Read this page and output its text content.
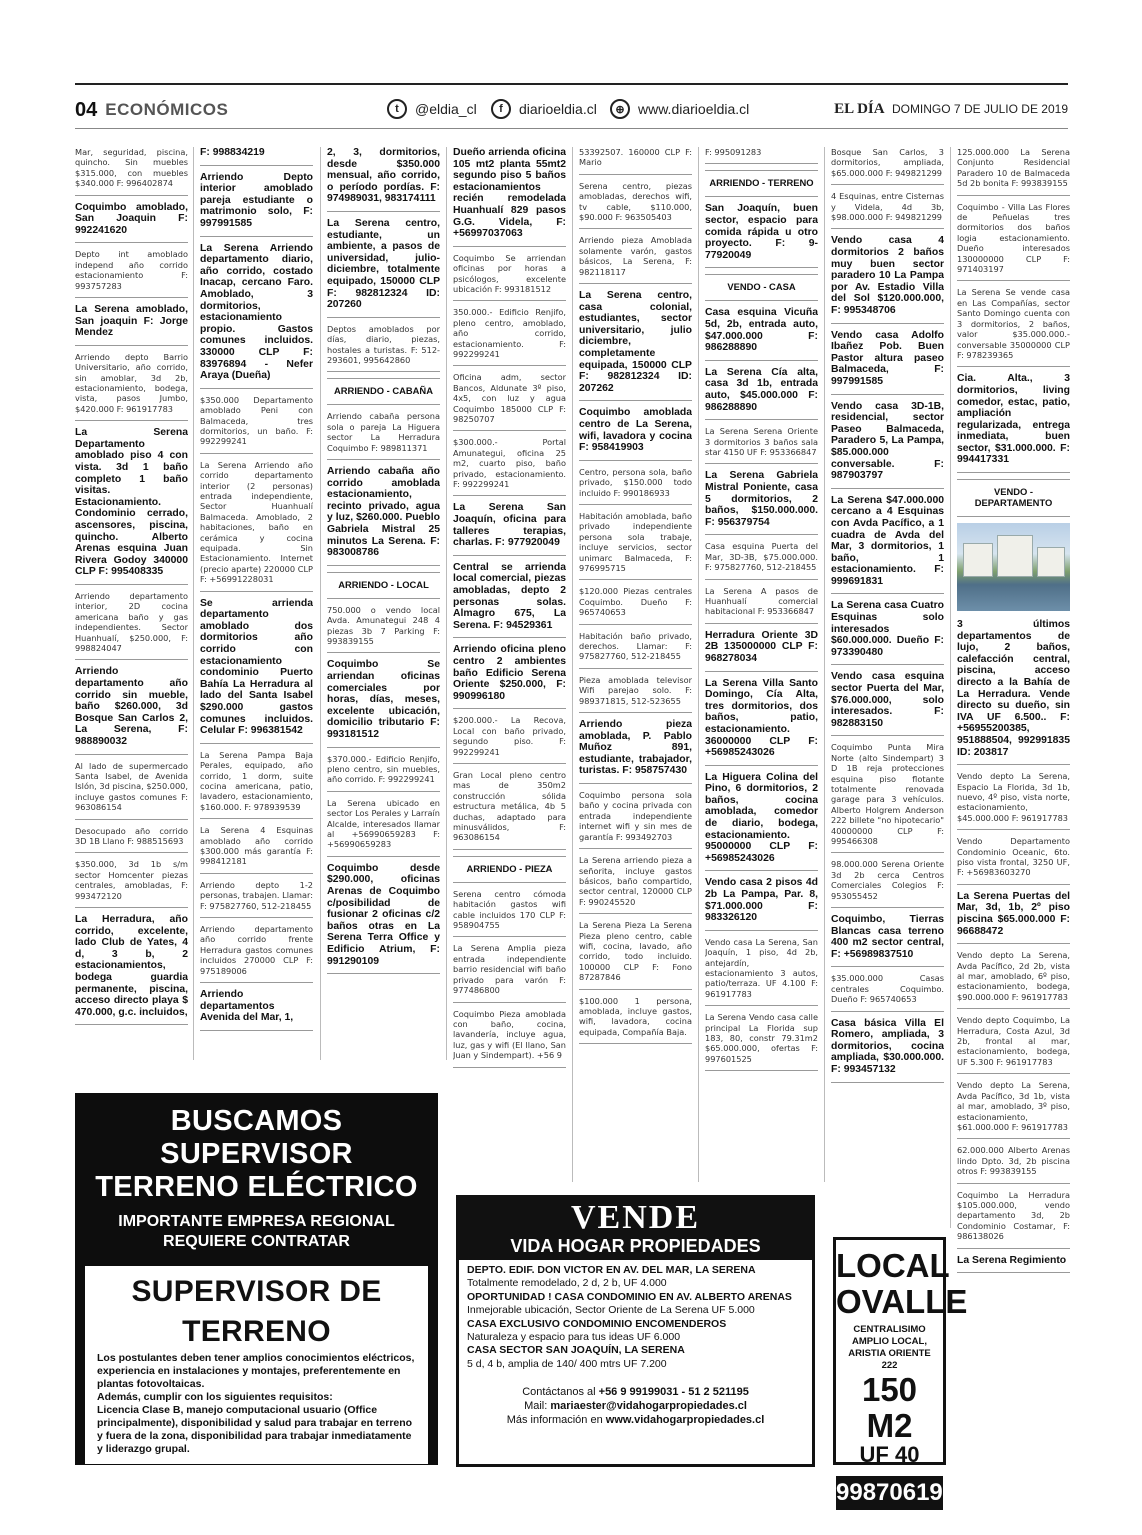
04 ECONÓMICOS	t	@eldia_cl	f	diarioeldia.cl	⊕ www.diarioeldia.cl	EL DÍA DOMINGO 7 DE JULIO DE 2019
Mar, seguridad, piscina, quincho. Sin muebles $315.000, con muebles $340.000 F: 996402874
Coquimbo amoblado, San Joaquin F: 992241620
Depto int amoblado independ año corrido estacionamiento F: 993757283
La Serena amoblado, San joaquin F: Jorge Mendez
Arriendo depto Barrio Universitario, año corrido, sin amoblar, 3d 2b, estacionamiento, bodega, vista, pasos Jumbo, $420.000 F: 961917783
La Serena Departamento amoblado piso 4 con vista. 3d 1 baño completo 1 baño visitas. Estacionamiento. Condominio cerrado, ascensores, piscina, quincho. Alberto Arenas esquina Juan Rivera Godoy 340000 CLP F: 995408335
Arriendo departamento interior, 2D cocina americana baño y gas independientes. Sector Huanhualí, $250.000, F: 998824047
Arriendo departamento año corrido sin mueble, baño $260.000, 3d Bosque San Carlos 2, La Serena, F: 988890032
Al lado de supermercado Santa Isabel, de Avenida Islón, 3d piscina, $250.000, incluye gastos comunes F: 963086154
Desocupado año corrido 3D 1B Llano F: 988515693
$350.000, 3d 1b s/m sector Homcenter piezas centrales, amobladas, F: 993472120
La Herradura, año corrido, excelente, lado Club de Yates, 4 d, 3 b, 2 estacionamientos, bodega guardia permanente, piscina, acceso directo playa $ 470.000, g.c. incluidos,
F: 998834219
Arriendo Depto interior amoblado pareja estudiante o matrimonio solo, F: 997991585
La Serena Arriendo departamento diario, año corrido, costado Inacap, cercano Faro. Amoblado, 3 dormitorios, estacionamiento propio. Gastos comunes incluidos. 330000 CLP F: 83976894 - Nefer Araya (Dueña)
$350.000 Departamento amoblado Peni con Balmaceda, tres dormitorios, un baño. F: 992299241
La Serena Arriendo año corrido departamento interior (2 personas) entrada independiente, Sector Huanhualí Balmaceda. Amoblado, 2 habitaciones, baño en cerámica y cocina equipada. Sin Estacionamiento. Internet (precio aparte) 220000 CLP F: +56991228031
Se arrienda departamento amoblado dos dormitorios año corrido con estacionamiento condominio Puerto Bahía La Herradura al lado del Santa Isabel $290.000 gastos comunes incluidos. Celular F: 996381542
La Serena Pampa Baja Perales, equipado, año corrido, 1 dorm, suite cocina americana, patio, lavadero, estacionamiento, $160.000. F: 978939539
La Serena 4 Esquinas amoblado año corrido $300.000 más garantía F: 998412181
Arriendo depto 1-2 personas, trabajen. Llamar: F: 975827760, 512-218455
Arriendo departamento año corrido frente Herradura gastos comunes incluidos 270000 CLP F: 975189006
Arriendo departamentos Avenida del Mar, 1,
2, 3, dormitorios, desde $350.000 mensual, año corrido, o período pordías. F: 974989031, 983174111
La Serena centro, estudiante, un ambiente, a pasos de universidad, julio-diciembre, totalmente equipado, 150000 CLP F: 982812324 ID: 207260
Deptos amoblados por días, diario, piezas, hostales a turistas. F: 512-293601, 995642860
ARRIENDO - CABAÑA
Arriendo cabaña persona sola o pareja La Higuera sector La Herradura Coquimbo F: 989811371
Arriendo cabaña año corrido amoblada estacionamiento, recinto privado, agua y luz, $260.000. Pueblo Gabriela Mistral 25 minutos La Serena. F: 983008786
ARRIENDO - LOCAL
750.000 o vendo local Avda. Amunategui 248 4 piezas 3b 7 Parking F: 993839155
Coquimbo Se arriendan oficinas comerciales por horas, días, meses, excelente ubicación, domicilio tributario F: 993181512
$370.000.- Edificio Renjifo, pleno centro, sin muebles, año corrido. F: 992299241
La Serena ubicado en sector Los Perales y Larraín Alcalde, interesados llamar al +56990659283 F: +56990659283
Coquimbo desde $290.000, oficinas Arenas de Coquimbo c/posibilidad de fusionar 2 oficinas c/2 baños otras en La Serena Terra Office y Edificio Atrium, F: 991290109
Dueño arrienda oficina 105 mt2 planta 55mt2 segundo piso 5 baños estacionamientos recién remodelada Huanhualí 829 pasos G.G. Videla, F: +56997037063
Coquimbo Se arriendan oficinas por horas a psicólogos, excelente ubicación F: 993181512
350.000.- Edificio Renjifo, pleno centro, amoblado, año corrido, estacionamiento. F: 992299241
Oficina adm, sector Bancos, Aldunate 3º piso, 4x5, con luz y agua Coquimbo 185000 CLP F: 98250707
$300.000.- Portal Amunategui, oficina 25 m2, cuarto piso, baño privado, estacionamiento. F: 992299241
La Serena San Joaquín, oficina para talleres terapias, charlas. F: 977920049
Central se arrienda local comercial, piezas amobladas, depto 2 personas solas. Almagro 675, La Serena. F: 94529361
Arriendo oficina pleno centro 2 ambientes baño Edificio Serena Oriente $250.000, F: 990996180
$200.000.- La Recova, Local con baño privado, segundo piso. F: 992299241
Gran Local pleno centro mas de 350m2 construcción sólida estructura metálica, 4b 5 duchas, adaptado para minusválidos, F: 963086154
ARRIENDO - PIEZA
Serena centro cómoda habitación gastos wifi cable incluidos 170 CLP F: 958904755
La Serena Amplia pieza entrada independiente barrio residencial wifi baño privado para varón F: 977486800
Coquimbo Pieza amoblada con baño, cocina, lavandería, incluye agua, luz, gas y wifi (El llano, San Juan y Sindempart). +56 9
53392507. 160000 CLP F: Mario
Serena centro, piezas amobladas, derechos wifi, tv cable, $110.000, $90.000 F: 963505403
Arriendo pieza Amoblada solamente varón, gastos básicos, La Serena, F: 982118117
La Serena centro, casa colonial, estudiantes, sector universitario, julio diciembre, completamente equipada, 150000 CLP F: 982812324 ID: 207262
Coquimbo amoblada centro de La Serena, wifi, lavadora y cocina F: 958419903
Centro, persona sola, baño privado, $150.000 todo incluido F: 990186933
Habitación amoblada, baño privado independiente persona sola trabaje, incluye servicios, sector unimarc Balmaceda, F: 976995715
$120.000 Piezas centrales Coquimbo. Dueño F: 965740653
Habitación baño privado, derechos. Llamar: F: 975827760, 512-218455
Pieza amoblada televisor Wifi parejao solo. F: 989371815, 512-523655
Arriendo pieza amoblada, P. Pablo Muñoz 891, estudiante, trabajador, turistas. F: 958757430
Coquimbo persona sola baño y cocina privada con entrada independiente internet wifi y sin mes de garantía F: 993492703
La Serena arriendo pieza a señorita, incluye gastos básicos, baño compartido, sector central, 120000 CLP F: 990245520
La Serena Pieza La Serena Pieza pleno centro, cable wifi, cocina, lavado, año corrido, todo incluido. 100000 CLP F: Fono 87287846
$100.000 1 persona, amoblada, incluye gastos, wifi, lavadora, cocina equipada, Compañía Baja.
F: 995091283
ARRIENDO - TERRENO
San Joaquín, buen sector, espacio para comida rápida u otro proyecto. F: 9-77920049
VENDO - CASA
Casa esquina Vicuña 5d, 2b, entrada auto, $47.000.000 F: 986288890
La Serena Cía alta, casa 3d 1b, entrada auto, $45.000.000 F: 986288890
La Serena Serena Oriente 3 dormitorios 3 baños sala star 4150 UF F: 953366847
La Serena Gabriela Mistral Poniente, casa 5 dormitorios, 2 baños, $150.000.000. F: 956379754
Casa esquina Puerta del Mar, 3D-3B, $75.000.000. F: 975827760, 512-218455
La Serena A pasos de Huanhualí comercial habitacional F: 953366847
Herradura Oriente 3D 2B 135000000 CLP F: 968278034
La Serena Villa Santo Domingo, Cía Alta, tres dormitorios, dos baños, patio, estacionamiento. 36000000 CLP F: +56985243026
La Higuera Colina del Pino, 6 dormitorios, 2 baños, cocina amoblada, comedor de diario, bodega, estacionamiento. 95000000 CLP F: +56985243026
Vendo casa 2 pisos 4d 2b La Pampa, Par. 8, $71.000.000 F: 983326120
Vendo casa La Serena, San Joaquín, 1 piso, 4d 2b, antejardín, estacionamiento 3 autos, patio/terraza. UF 4.100 F: 961917783
La Serena Vendo casa calle principal La Florida sup 183, 80, constr 79.31m2 $65.000.000, ofertas F: 997601525
Bosque San Carlos, 3 dormitorios, ampliada, $65.000.000 F: 949821299
4 Esquinas, entre Cisternas y Videla, 4d 3b, $98.000.000 F: 949821299
Vendo casa 4 dormitorios 2 baños muy buen sector paradero 10 La Pampa por Av. Estadio Villa del Sol $120.000.000, F: 995348706
Vendo casa Adolfo Ibañez Pob. Buen Pastor altura paseo Balmaceda, F: 997991585
Vendo casa 3D-1B, residencial, sector Paseo Balmaceda, Paradero 5, La Pampa, $85.000.000 conversable. F: 987903797
La Serena $47.000.000 cercano a 4 Esquinas con Avda Pacífico, a 1 cuadra de Avda del Mar, 3 dormitorios, 1 baño, 1 estacionamiento. F: 999691831
La Serena casa Cuatro Esquinas solo interesados $60.000.000. Dueño F: 973390480
Vendo casa esquina sector Puerta del Mar, $76.000.000, solo interesados. F: 982883150
Coquimbo Punta Mira Norte (alto Sindempart) 3 D 1B reja protecciones esquina piso flotante totalmente renovada garage para 3 vehículos. Alberto Holgrem Anderson 222 billete "no hipotecario" 40000000 CLP F: 995466308
98.000.000 Serena Oriente 3d 2b cerca Centros Comerciales Colegios F: 953055452
Coquimbo, Tierras Blancas casa terreno 400 m2 sector central, F: +56989837510
$35.000.000 Casas centrales Coquimbo. Dueño F: 965740653
Casa básica Villa El Romero, ampliada, 3 dormitorios, cocina ampliada, $30.000.000. F: 993457132
125.000.000 La Serena Conjunto Residencial Paradero 10 de Balmaceda 5d 2b bonita F: 993839155
Coquimbo - Villa Las Flores de Peñuelas tres dormitorios dos baños logia estacionamiento. Dueño interesados 130000000 CLP F: 971403197
La Serena Se vende casa en Las Compañías, sector Santo Domingo cuenta con 3 dormitorios, 2 baños, valor $35.000.000.- conversable 35000000 CLP F: 978239365
Cia. Alta., 3 dormitorios, living comedor, estac, patio, ampliación regularizada, entrega inmediata, buen sector, $31.000.000. F: 994417331
VENDO - DEPARTAMENTO
3 últimos departamentos de lujo, 2 baños, calefacción central, piscina, acceso directo a la Bahía de La Herradura. Vende directo su dueño, sin IVA UF 6.500.. F: +56955200385, 951888504, 992991835 ID: 203817
Vendo depto La Serena, Espacio La Florida, 3d 1b, nuevo, 4º piso, vista norte, estacionamiento, $45.000.000 F: 961917783
Vendo Departamento Condominio Oceanic, 6to. piso vista frontal, 3250 UF, F: +56983603270
La Serena Puertas del Mar, 3d, 1b, 2º piso piscina $65.000.000 F: 96688472
Vendo depto La Serena, Avda Pacífico, 2d 2b, vista al mar, amoblado, 6º piso, estacionamiento, bodega, $90.000.000 F: 961917783
Vendo depto Coquimbo, La Herradura, Costa Azul, 3d 2b, frontal al mar, estacionamiento, bodega, UF 5.300 F: 961917783
Vendo depto La Serena, Avda Pacífico, 3d 1b, vista al mar, amoblado, 3º piso, estacionamiento, $61.000.000 F: 961917783
62.000.000 Alberto Arenas lindo Dpto. 3d, 2b piscina otros F: 993839155
Coquimbo La Herradura $105.000.000, vendo departamento 3d, 2b Condominio Costamar, F: 986138026
La Serena Regimiento
BUSCAMOS SUPERVISOR
TERRENO ELÉCTRICO
IMPORTANTE EMPRESA REGIONAL
REQUIERE CONTRATAR
SUPERVISOR DE TERRENO

Los postulantes deben tener amplios conocimientos eléctricos, experiencia en instalaciones y montajes, preferentemente en plantas fotovoltaicas.

Además, cumplir con los siguientes requisitos:

Licencia Clase B, manejo computacional usuario (Office principalmente), disponibilidad y salud para trabajar en terreno y fuera de la zona, disponibilidad para trabajar inmediatamente y liderazgo grupal.

Enviar CV con pretensiones de renta a:
contactoempresacoquimbo@gmail.com
VENDE
VIDA HOGAR PROPIEDADES
DEPTO. EDIF. DON VICTOR EN AV. DEL MAR, LA SERENA
Totalmente remodelado, 2 d, 2 b, UF 4.000
OPORTUNIDAD ! CASA CONDOMINIO EN AV. ALBERTO ARENAS
Inmejorable ubicación, Sector Oriente de La Serena UF 5.000
CASA EXCLUSIVO CONDOMINIO ENCOMENDEROS
Naturaleza y espacio para tus ideas UF 6.000
CASA SECTOR SAN JOAQUÍN, LA SERENA
5 d, 4 b, amplia de 140/ 400 mtrs UF 7.200
Contáctanos al +56 9 99199031 - 51 2 521195
Mail: mariaester@vidahogarpropiedades.cl
Más información en www.vidahogarpropiedades.cl
LOCAL
OVALLE
CENTRALISIMO AMPLIO LOCAL, ARISTIA ORIENTE 222
150 M2
UF 40
998706193
